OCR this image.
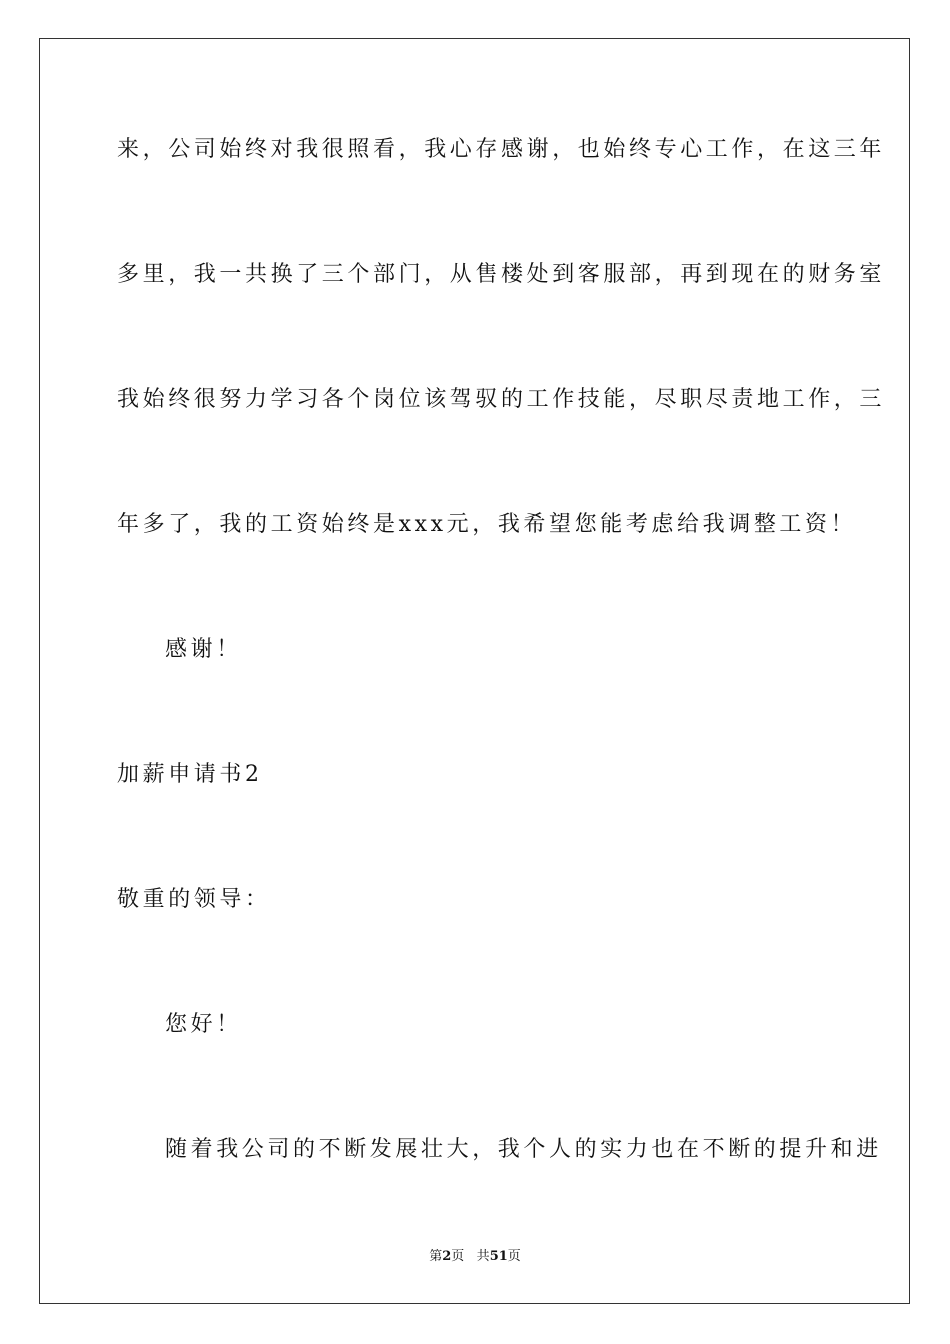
来，公司始终对我很照看，我心存感谢，也始终专心工作，在这三年
多里，我一共换了三个部门，从售楼处到客服部，再到现在的财务室
我始终很努力学习各个岗位该驾驭的工作技能，尽职尽责地工作，三
年多了，我的工资始终是xxx元，我希望您能考虑给我调整工资！
感谢！
加薪申请书2
敬重的领导：
您好！
随着我公司的不断发展壮大，我个人的实力也在不断的提升和进
第2页 共51页
